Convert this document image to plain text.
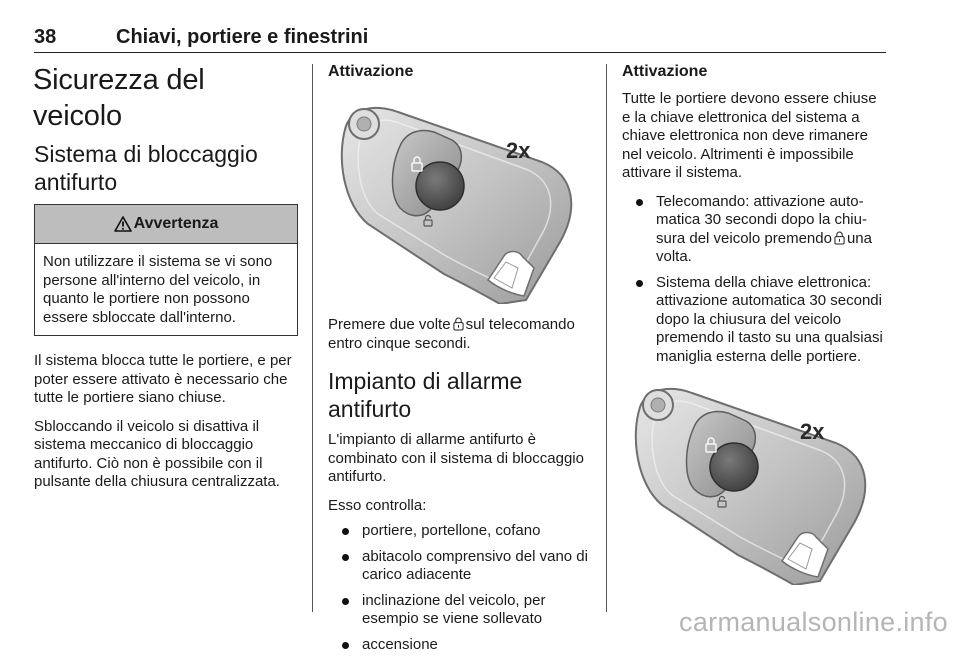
38	Chiavi, portiere e finestrini
Sicurezza del veicolo
Sistema di bloccaggio antifurto
Avvertenza
Non utilizzare il sistema se vi sono persone all'interno del veicolo, in quanto le portiere non possono essere sbloccate dall'interno.

Il sistema blocca tutte le portiere, e per poter essere attivato è necessario che tutte le portiere siano chiuse.

Sbloccando il veicolo si disattiva il sistema meccanico di bloccaggio antifurto. Ciò non è possibile con il pulsante della chiusura centralizzata.

Attivazione
2x

Premere due volte sul telecomando entro cinque secondi.

Impianto di allarme antifurto

L'impianto di allarme antifurto è combinato con il sistema di bloccaggio antifurto.

Esso controlla:

portiere, portellone, cofano
abitacolo comprensivo del vano di carico adiacente
inclinazione del veicolo, per esempio se viene sollevato
accensione
Attivazione

Tutte le portiere devono essere chiuse e la chiave elettronica del sistema a chiave elettronica non deve rimanere nel veicolo. Altrimenti è impossibile attivare il sistema.

Telecomando: attivazione automatica 30 secondi dopo la chiusura del veicolo premendo una volta.
Sistema della chiave elettronica: attivazione automatica 30 secondi dopo la chiusura del veicolo premendo il tasto su una qualsiasi maniglia esterna delle portiere.
2x
carmanualsonline.info
